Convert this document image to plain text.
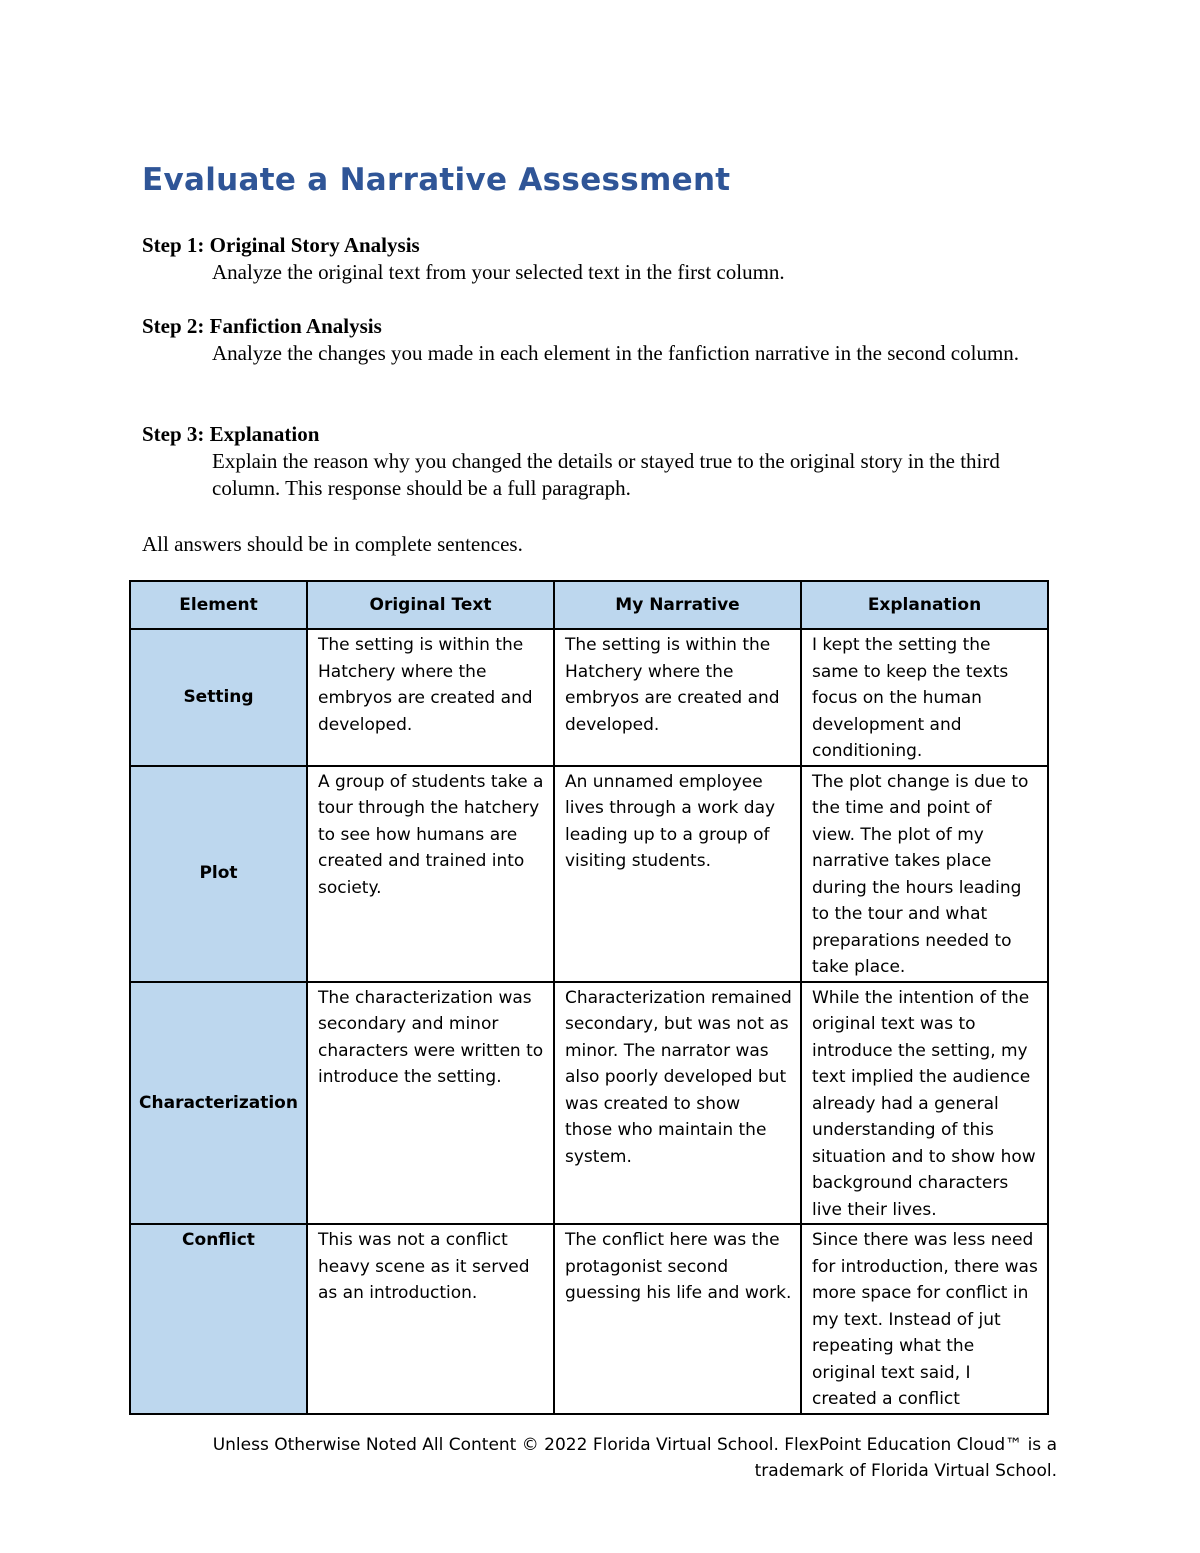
Evaluate a Narrative Assessment
Step 1: Original Story Analysis
Analyze the original text from your selected text in the first column.
Step 2: Fanfiction Analysis
Analyze the changes you made in each element in the fanfiction narrative in the second column.
Step 3: Explanation
Explain the reason why you changed the details or stayed true to the original story in the third column. This response should be a full paragraph.
All answers should be in complete sentences.
Element	Original Text	My Narrative	Explanation
Setting	The setting is within the Hatchery where the embryos are created and developed.	The setting is within the Hatchery where the embryos are created and developed.	I kept the setting the same to keep the texts focus on the human development and conditioning.
Plot	A group of students take a tour through the hatchery to see how humans are created and trained into society.	An unnamed employee lives through a work day leading up to a group of visiting students.	The plot change is due to the time and point of view. The plot of my narrative takes place during the hours leading to the tour and what preparations needed to take place.
Characterization	The characterization was secondary and minor characters were written to introduce the setting.	Characterization remained secondary, but was not as minor. The narrator was also poorly developed but was created to show those who maintain the system.	While the intention of the original text was to introduce the setting, my text implied the audience already had a general understanding of this situation and to show how background characters live their lives.
Conflict	This was not a conflict heavy scene as it served as an introduction.	The conflict here was the protagonist second guessing his life and work.	Since there was less need for introduction, there was more space for conflict in my text. Instead of jut repeating what the original text said, I created a conflict
Unless Otherwise Noted All Content © 2022 Florida Virtual School. FlexPoint Education Cloud™ is a
trademark of Florida Virtual School.
